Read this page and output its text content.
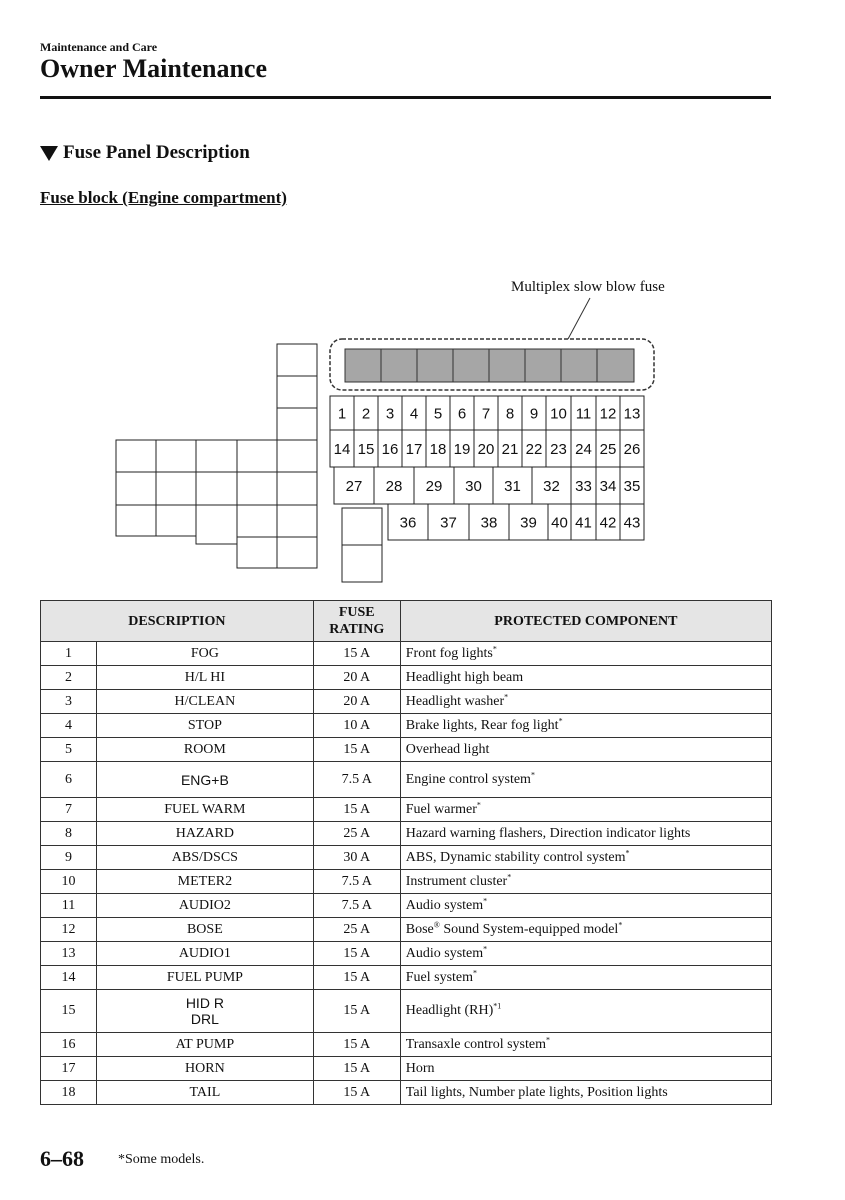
Maintenance and Care
Owner Maintenance
Fuse Panel Description
Fuse block (Engine compartment)
Multiplex slow blow fuse
1 2 3 4 5 6 7 8 9 10 11 12 13
14 15 16 17 18 19 20 21 22 23 24 25 26
27 28 29 30 31 32 33 34 35
36 37 38 39 40 41 42 43
DESCRIPTION		FUSE
RATING	PROTECTED COMPONENT
1	FOG	15 A	Front fog lights*
2	H/L HI	20 A	Headlight high beam
3	H/CLEAN	20 A	Headlight washer*
4	STOP	10 A	Brake lights, Rear fog light*
5	ROOM	15 A	Overhead light
6	ENG+B	7.5 A	Engine control system*
7	FUEL WARM	15 A	Fuel warmer*
8	HAZARD	25 A	Hazard warning flashers, Direction indicator lights
9	ABS/DSCS	30 A	ABS, Dynamic stability control system*
10	METER2	7.5 A	Instrument cluster*
11	AUDIO2	7.5 A	Audio system*
12	BOSE	25 A	Bose® Sound System-equipped model*
13	AUDIO1	15 A	Audio system*
14	FUEL PUMP	15 A	Fuel system*
15	HID R
DRL	15 A	Headlight (RH)$^{*1}$
16	AT PUMP	15 A	Transaxle control system*
17	HORN	15 A	Horn
18	TAIL	15 A	Tail lights, Number plate lights, Position lights
6–68 *Some models.
